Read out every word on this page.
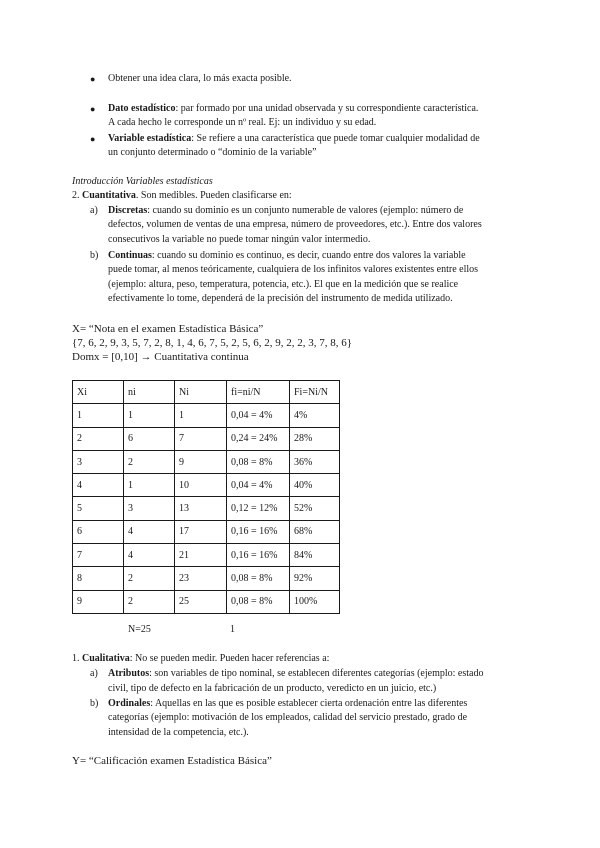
● Obtener una idea clara, lo más exacta posible.
● Dato estadístico: par formado por una unidad observada y su correspondiente característica.
A cada hecho le corresponde un nº real. Ej: un individuo y su edad.
● Variable estadística: Se refiere a una característica que puede tomar cualquier modalidad de
un conjunto determinado o “dominio de la variable”
Introducción Variables estadísticas
2. Cuantitativa. Son medibles. Pueden clasificarse en:
a) Discretas: cuando su dominio es un conjunto numerable de valores (ejemplo: número de
defectos, volumen de ventas de una empresa, número de proveedores, etc.). Entre dos valores
consecutivos la variable no puede tomar ningún valor intermedio.
b) Continuas: cuando su dominio es continuo, es decir, cuando entre dos valores la variable
puede tomar, al menos teóricamente, cualquiera de los infinitos valores existentes entre ellos
(ejemplo: altura, peso, temperatura, potencia, etc.). El que en la medición que se realice
efectivamente lo tome, dependerá de la precisión del instrumento de medida utilizado.
X= “Nota en el examen Estadística Básica”
{7, 6, 2, 9, 3, 5, 7, 2, 8, 1, 4, 6, 7, 5, 2, 5, 6, 2, 9, 2, 2, 3, 7, 8, 6}
Domx = [0,10] → Cuantitativa continua
Xi	ni	Ni	fi=ni/N	Fi=Ni/N
1	1	1	0,04 = 4%	4%
2	6	7	0,24 = 24%	28%
3	2	9	0,08 = 8%	36%
4	1	10	0,04 = 4%	40%
5	3	13	0,12 = 12%	52%
6	4	17	0,16 = 16%	68%
7	4	21	0,16 = 16%	84%
8	2	23	0,08 = 8%	92%
9	2	25	0,08 = 8%	100%
N=25	1
1. Cualitativa: No se pueden medir. Pueden hacer referencias a:
a) Atributos: son variables de tipo nominal, se establecen diferentes categorías (ejemplo: estado
civil, tipo de defecto en la fabricación de un producto, veredicto en un juicio, etc.)
b) Ordinales: Aquellas en las que es posible establecer cierta ordenación entre las diferentes
categorías (ejemplo: motivación de los empleados, calidad del servicio prestado, grado de
intensidad de la competencia, etc.).
Y= “Calificación examen Estadística Básica”
